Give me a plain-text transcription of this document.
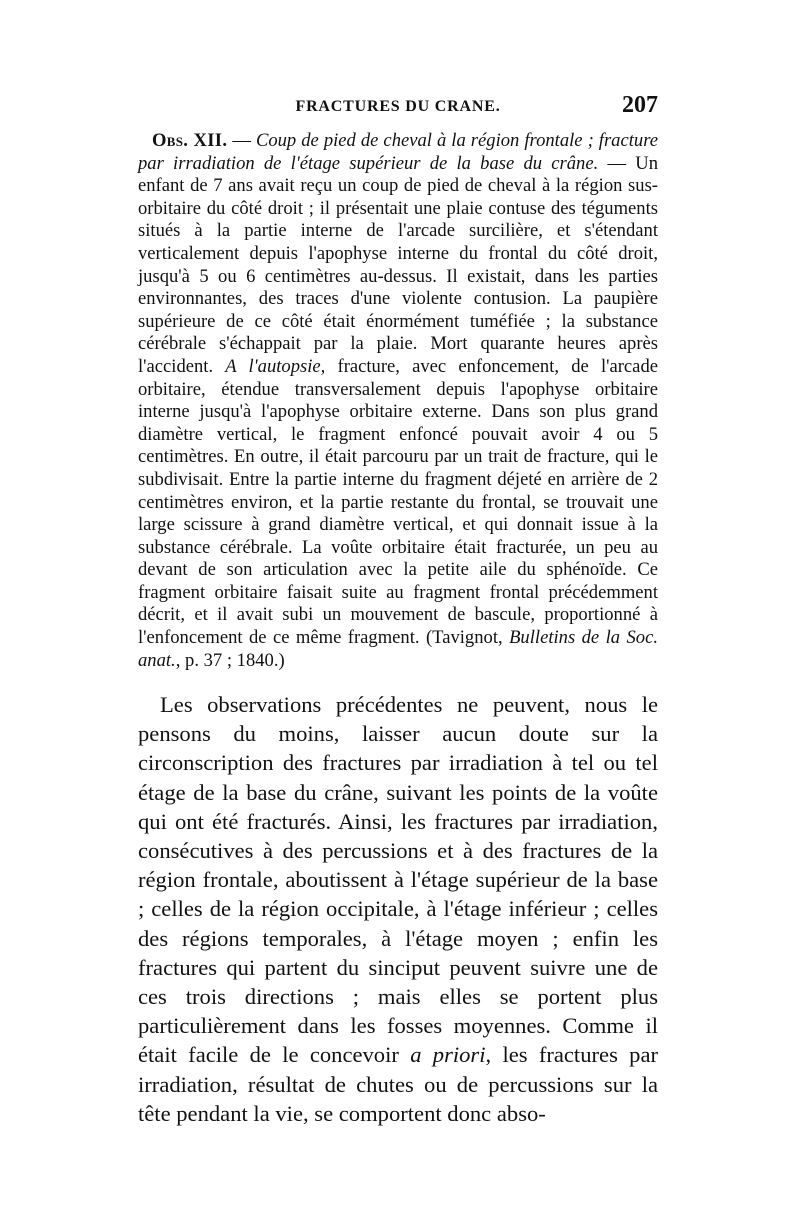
FRACTURES DU CRANE.	207

Obs. XII. — Coup de pied de cheval à la région frontale ; fracture par irradiation de l'étage supérieur de la base du crâne. — Un enfant de 7 ans avait reçu un coup de pied de cheval à la région sus-orbitaire du côté droit ; il présentait une plaie contuse des téguments situés à la partie interne de l'arcade surcilière, et s'étendant verticalement depuis l'apophyse interne du frontal du côté droit, jusqu'à 5 ou 6 centimètres au-dessus. Il existait, dans les parties environnantes, des traces d'une violente contusion. La paupière supérieure de ce côté était énormément tuméfiée ; la substance cérébrale s'échappait par la plaie. Mort quarante heures après l'accident. A l'autopsie, fracture, avec enfoncement, de l'arcade orbitaire, étendue transversalement depuis l'apophyse orbitaire interne jusqu'à l'apophyse orbitaire externe. Dans son plus grand diamètre vertical, le fragment enfoncé pouvait avoir 4 ou 5 centimètres. En outre, il était parcouru par un trait de fracture, qui le subdivisait. Entre la partie interne du fragment déjeté en arrière de 2 centimètres environ, et la partie restante du frontal, se trouvait une large scissure à grand diamètre vertical, et qui donnait issue à la substance cérébrale. La voûte orbitaire était fracturée, un peu au devant de son articulation avec la petite aile du sphénoïde. Ce fragment orbitaire faisait suite au fragment frontal précédemment décrit, et il avait subi un mouvement de bascule, proportionné à l'enfoncement de ce même fragment. (Tavignot, Bulletins de la Soc. anat., p. 37 ; 1840.)

Les observations précédentes ne peuvent, nous le pensons du moins, laisser aucun doute sur la circonscription des fractures par irradiation à tel ou tel étage de la base du crâne, suivant les points de la voûte qui ont été fracturés. Ainsi, les fractures par irradiation, consécutives à des percussions et à des fractures de la région frontale, aboutissent à l'étage supérieur de la base ; celles de la région occipitale, à l'étage inférieur ; celles des régions temporales, à l'étage moyen ; enfin les fractures qui partent du sinciput peuvent suivre une de ces trois directions ; mais elles se portent plus particulièrement dans les fosses moyennes. Comme il était facile de le concevoir a priori, les fractures par irradiation, résultat de chutes ou de percussions sur la tête pendant la vie, se comportent donc abso-
